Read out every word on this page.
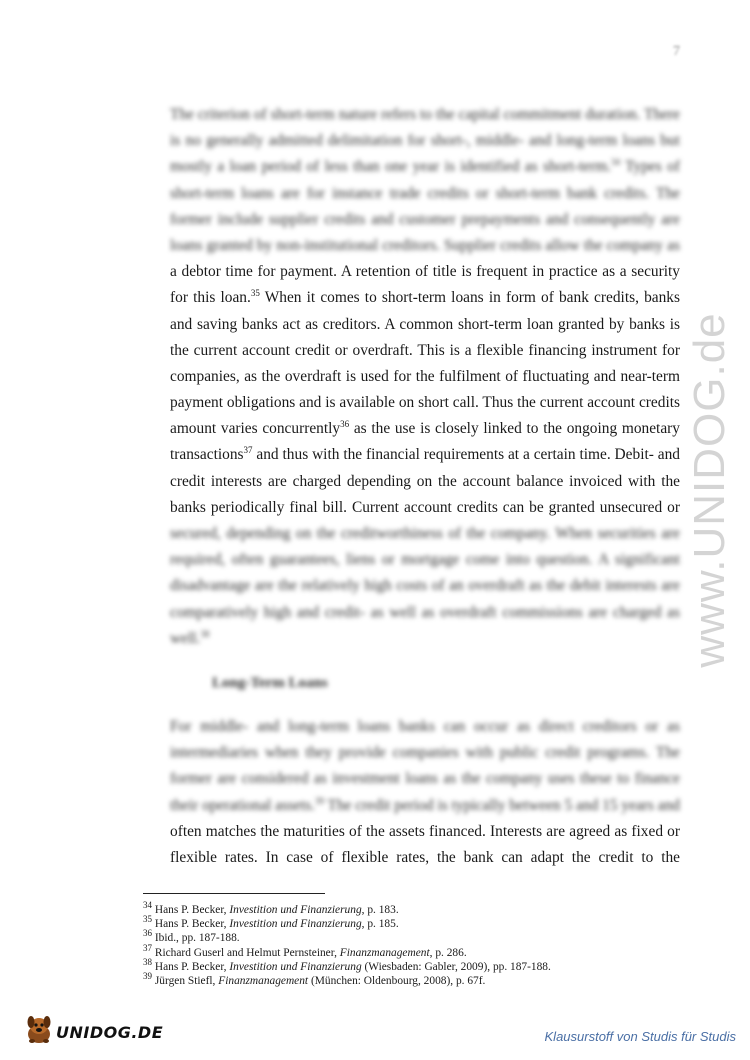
7
www.UNIDOG.de
The criterion of short-term nature refers to the capital commitment duration. There
is no generally admitted delimitation for short-, middle- and long-term loans but
mostly a loan period of less than one year is identified as short-term.$^{34}$ Types of
short-term loans are for instance trade credits or short-term bank credits. The
former include supplier credits and customer prepayments and consequently are
loans granted by non-institutional creditors. Supplier credits allow the company as
a debtor time for payment. A retention of title is frequent in practice as a security
for this loan.$^{35}$ When it comes to short-term loans in form of bank credits, banks
and saving banks act as creditors. A common short-term loan granted by banks is
the current account credit or overdraft. This is a flexible financing instrument for
companies, as the overdraft is used for the fulfilment of fluctuating and near-term
payment obligations and is available on short call. Thus the current account credits
amount varies concurrently$^{36}$ as the use is closely linked to the ongoing monetary
transactions$^{37}$ and thus with the financial requirements at a certain time. Debit- and
credit interests are charged depending on the account balance invoiced with the
banks periodically final bill. Current account credits can be granted unsecured or
secured, depending on the creditworthiness of the company. When securities are
required, often guarantees, liens or mortgage come into question. A significant
disadvantage are the relatively high costs of an overdraft as the debit interests are
comparatively high and credit- as well as overdraft commissions are charged as
well.$^{38}$
Long-Term Loans
For middle- and long-term loans banks can occur as direct creditors or as
intermediaries when they provide companies with public credit programs. The
former are considered as investment loans as the company uses these to finance
their operational assets.$^{39}$ The credit period is typically between 5 and 15 years and
often matches the maturities of the assets financed. Interests are agreed as fixed or
flexible rates. In case of flexible rates, the bank can adapt the credit to the
$^{34}$ Hans P. Becker, Investition und Finanzierung, p. 183.
$^{35}$ Hans P. Becker, Investition und Finanzierung, p. 185.
$^{36}$ Ibid., pp. 187-188.
$^{37}$ Richard Guserl and Helmut Pernsteiner, Finanzmanagement, p. 286.
$^{38}$ Hans P. Becker, Investition und Finanzierung (Wiesbaden: Gabler, 2009), pp. 187-188.
$^{39}$ Jürgen Stiefl, Finanzmanagement (München: Oldenbourg, 2008), p. 67f.
UNIDOG.DE	Klausurstoff von Studis für Studis
